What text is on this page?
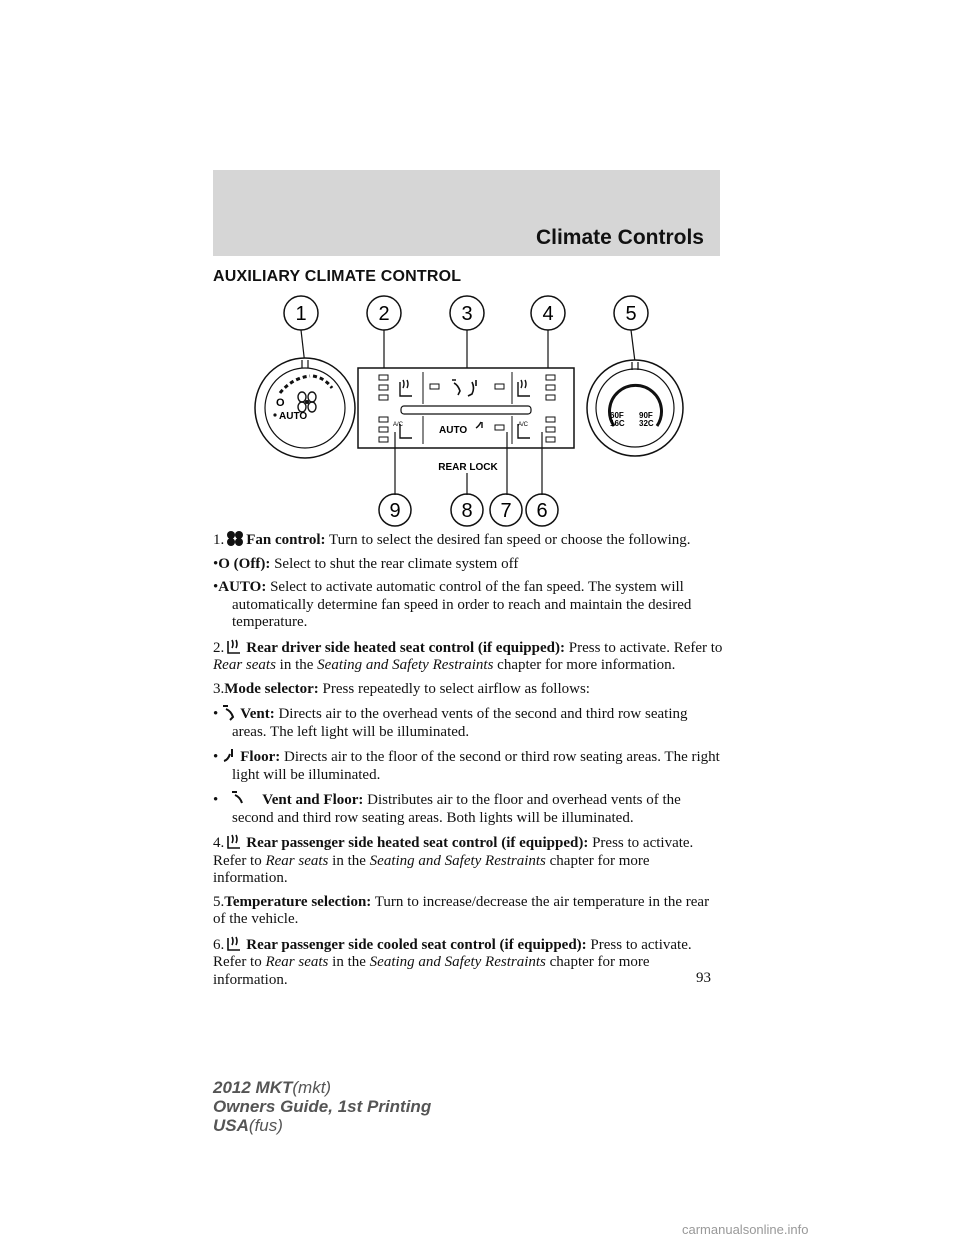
Climate Controls
AUXILIARY CLIMATE CONTROL
1	2	3	4	5
O
AUTO
A/C	A/C
AUTO
60F
16C
90F
32C
REAR LOCK
9	8 7 6

1. Fan control: Turn to select the desired fan speed or choose the following.

•O (Off): Select to shut the rear climate system off
•AUTO: Select to activate automatic control of the fan speed. The system will automatically determine fan speed in order to reach and maintain the desired temperature.

2. Rear driver side heated seat control (if equipped): Press to activate. Refer to Rear seats in the Seating and Safety Restraints chapter for more information.

3.Mode selector: Press repeatedly to select airflow as follows:

• Vent: Directs air to the overhead vents of the second and third row seating areas. The left light will be illuminated.
• Floor: Directs air to the floor of the second or third row seating areas. The right light will be illuminated.
•	Vent and Floor: Distributes air to the floor and overhead vents of the second and third row seating areas. Both lights will be illuminated.

4. Rear passenger side heated seat control (if equipped): Press to activate. Refer to Rear seats in the Seating and Safety Restraints chapter for more information.

5.Temperature selection: Turn to increase/decrease the air temperature in the rear of the vehicle.

6. Rear passenger side cooled seat control (if equipped): Press to activate. Refer to Rear seats in the Seating and Safety Restraints chapter for more information.	93
2012 MKT(mkt)
Owners Guide, 1st Printing
USA(fus)
carmanualsonline.info
